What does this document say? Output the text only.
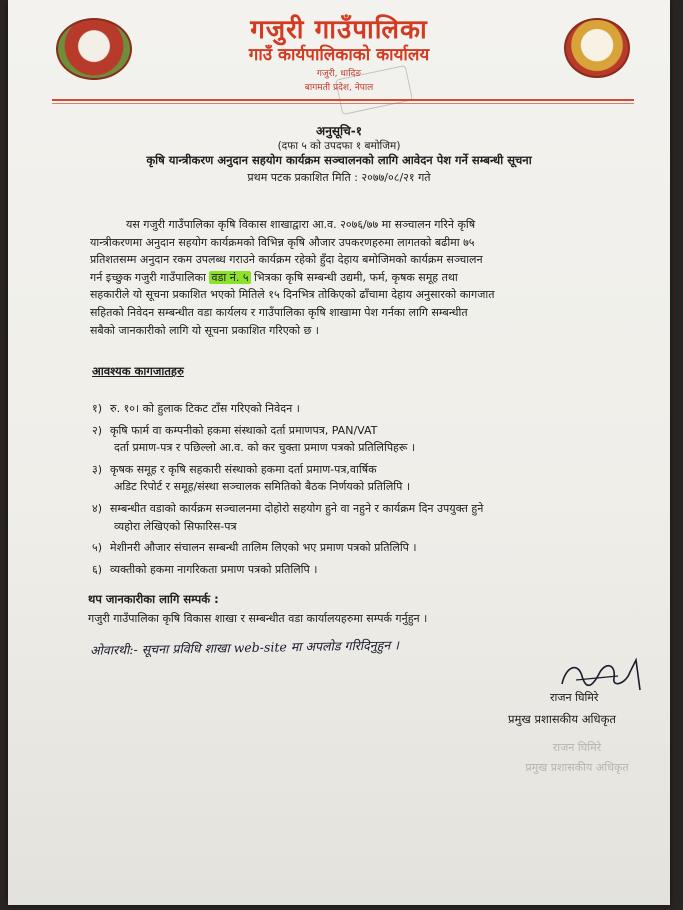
गजुरी गाउँपालिका
गाउँ कार्यपालिकाको कार्यालय
गजुरी, धादिङ
बागमती प्रदेश, नेपाल
अनुसूचि-१
(दफा ५ को उपदफा १ बमोजिम)
कृषि यान्त्रीकरण अनुदान सहयोग कार्यक्रम सञ्चालनको लागि आवेदन पेश गर्ने सम्बन्धी सूचना
प्रथम पटक प्रकाशित मिति : २०७७/०८/२१ गते
यस गजुरी गाउँपालिका कृषि विकास शाखाद्वारा आ.व. २०७६/७७ मा सञ्चालन गरिने कृषि
यान्त्रीकरणमा अनुदान सहयोग कार्यक्रमको विभिन्न कृषि औजार उपकरणहरुमा लागतको बढीमा ७५
प्रतिशतसम्म अनुदान रकम उपलब्ध गराउने कार्यक्रम रहेको हुँदा देहाय बमोजिमको कार्यक्रम सञ्चालन
गर्न इच्छुक गजुरी गाउँपालिका वडा नं. ५ भित्रका कृषि सम्बन्धी उद्यमी, फर्म, कृषक समूह तथा
सहकारीले यो सूचना प्रकाशित भएको मितिले १५ दिनभित्र तोकिएको ढाँचामा देहाय अनुसारको कागजात
सहितको निवेदन सम्बन्धीत वडा कार्यलय र गाउँपालिका कृषि शाखामा पेश गर्नका लागि सम्बन्धीत
सबैको जानकारीको लागि यो सूचना प्रकाशित गरिएको छ ।
आवश्यक कागजातहरु
१) रु. १०। को हुलाक टिकट टाँस गरिएको निवेदन ।
२) कृषि फार्म वा कम्पनीको हकमा संस्थाको दर्ता प्रमाणपत्र, PAN/VAT
दर्ता प्रमाण-पत्र र पछिल्लो आ.व. को कर चुक्ता प्रमाण पत्रको प्रतिलिपिहरू ।
३) कृषक समूह र कृषि सहकारी संस्थाको हकमा दर्ता प्रमाण-पत्र,वार्षिक
अडिट रिपोर्ट र समूह/संस्था सञ्चालक समितिको बैठक निर्णयको प्रतिलिपि ।
४) सम्बन्धीत वडाको कार्यक्रम सञ्चालनमा दोहोरो सहयोग हुने वा नहुने र कार्यक्रम दिन उपयुक्त हुने
व्यहोरा लेखिएको सिफारिस-पत्र
५) मेशीनरी औजार संचालन सम्बन्धी तालिम लिएको भए प्रमाण पत्रको प्रतिलिपि ।
६) व्यक्तीको हकमा नागरिकता प्रमाण पत्रको प्रतिलिपि ।
थप जानकारीका लागि सम्पर्क :
गजुरी गाउँपालिका कृषि विकास शाखा र सम्बन्धीत वडा कार्यालयहरुमा सम्पर्क गर्नुहुन ।
ओवारथी:- सूचना प्रविधि शाखा web-site मा अपलोड गरिदिनुहुन ।
राजन घिमिरे
प्रमुख प्रशासकीय अधिकृत
राजन घिमिरे
प्रमुख प्रशासकीय अधिकृत
